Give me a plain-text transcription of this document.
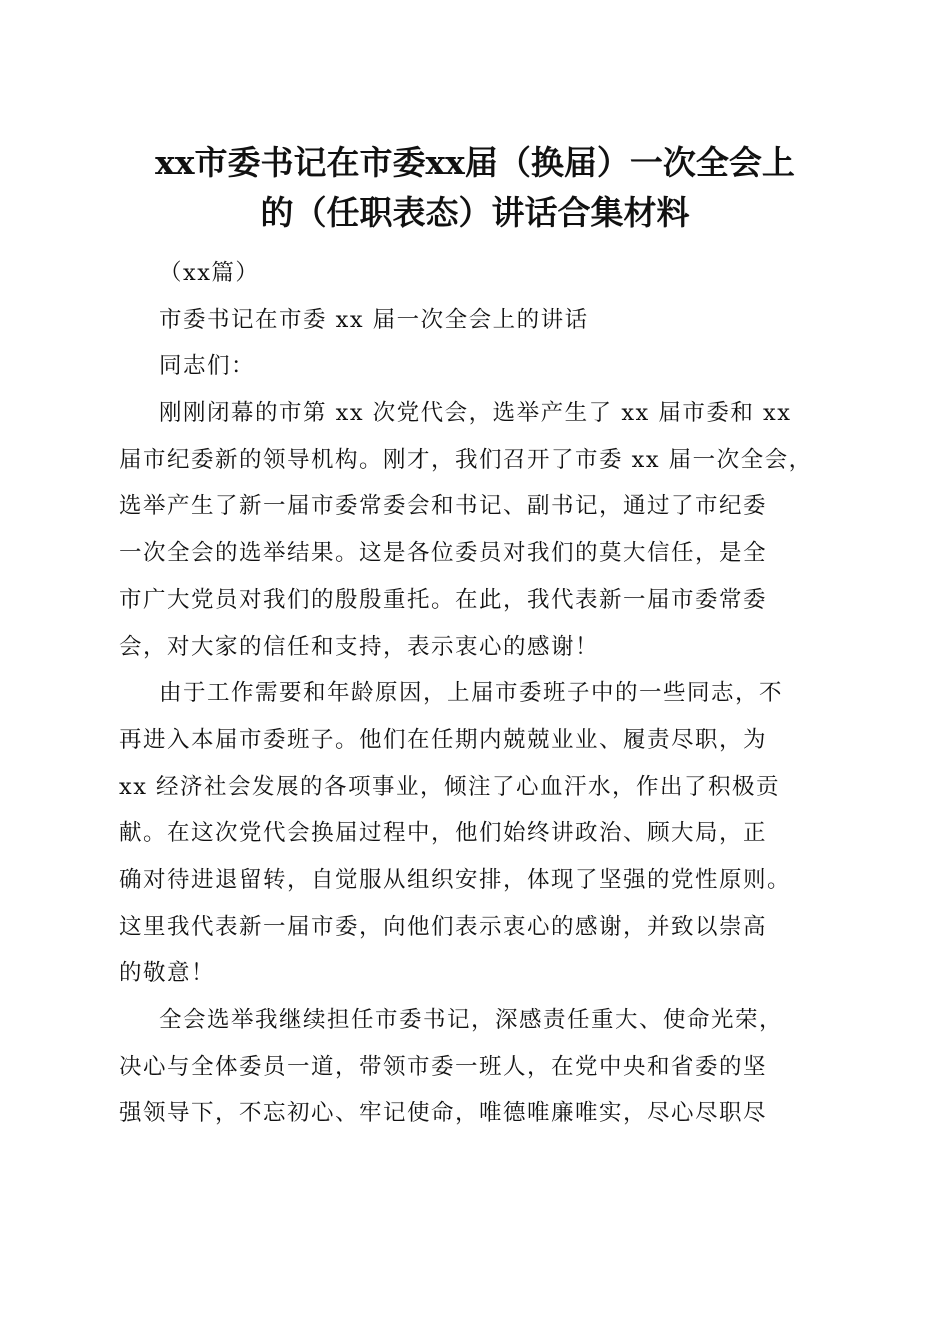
xx市委书记在市委xx届（换届）一次全会上
的（任职表态）讲话合集材料
（xx篇）
市委书记在市委 xx 届一次全会上的讲话
同志们：
刚刚闭幕的市第 xx 次党代会，选举产生了 xx 届市委和 xx
届市纪委新的领导机构。刚才，我们召开了市委 xx 届一次全会，
选举产生了新一届市委常委会和书记、副书记，通过了市纪委
一次全会的选举结果。这是各位委员对我们的莫大信任，是全
市广大党员对我们的殷殷重托。在此，我代表新一届市委常委
会，对大家的信任和支持，表示衷心的感谢！
由于工作需要和年龄原因，上届市委班子中的一些同志，不
再进入本届市委班子。他们在任期内兢兢业业、履责尽职，为
xx 经济社会发展的各项事业，倾注了心血汗水，作出了积极贡
献。在这次党代会换届过程中，他们始终讲政治、顾大局，正
确对待进退留转，自觉服从组织安排，体现了坚强的党性原则。
这里我代表新一届市委，向他们表示衷心的感谢，并致以崇高
的敬意！
全会选举我继续担任市委书记，深感责任重大、使命光荣，
决心与全体委员一道，带领市委一班人，在党中央和省委的坚
强领导下，不忘初心、牢记使命，唯德唯廉唯实，尽心尽职尽
